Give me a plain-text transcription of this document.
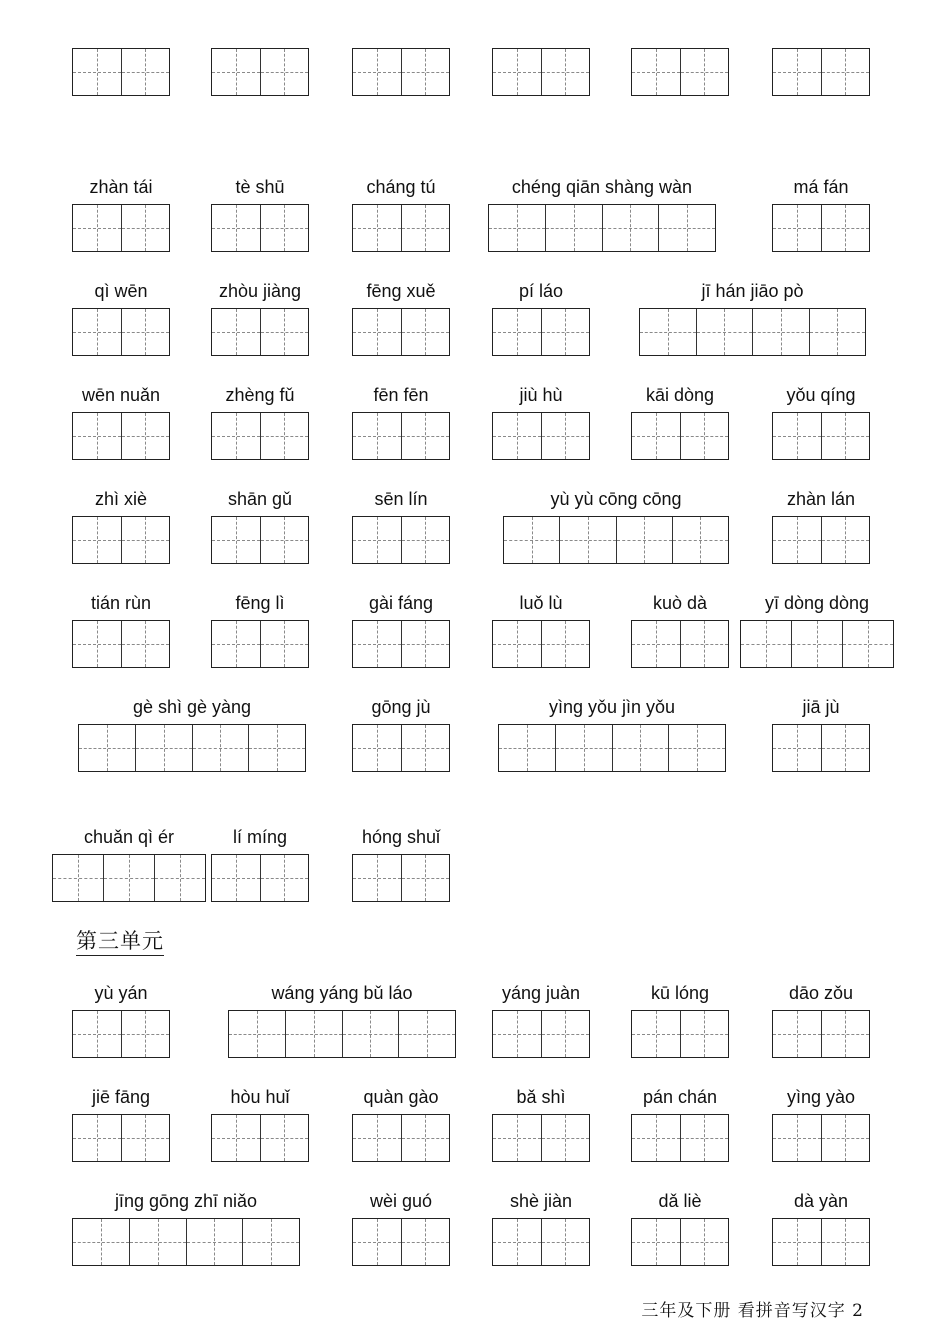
第三单元
三年及下册 看拼音写汉字 2
zhàn tái	tè shū	cháng tú	chéng qiān shàng wàn	má fán
qì wēn	zhòu jiàng	fēng xuě	pí láo	jī hán jiāo pò
wēn nuǎn	zhèng fǔ	fēn fēn	jiù hù	kāi dòng	yǒu qíng
zhì xiè	shān gǔ	sēn lín	yù yù cōng cōng	zhàn lán
tián rùn	fēng lì	gài fáng	luǒ lù	kuò dà	yī dòng dòng
gè shì gè yàng	gōng jù	yìng yǒu jìn yǒu	jiā jù
chuǎn qì ér	lí míng	hóng shuǐ
yù yán	wáng yáng bǔ láo	yáng juàn	kū lóng	dāo zǒu
jiē fāng	hòu huǐ	quàn gào	bǎ shì	pán chán	yìng yào
jīng gōng zhī niǎo	wèi guó	shè jiàn	dǎ liè	dà yàn
